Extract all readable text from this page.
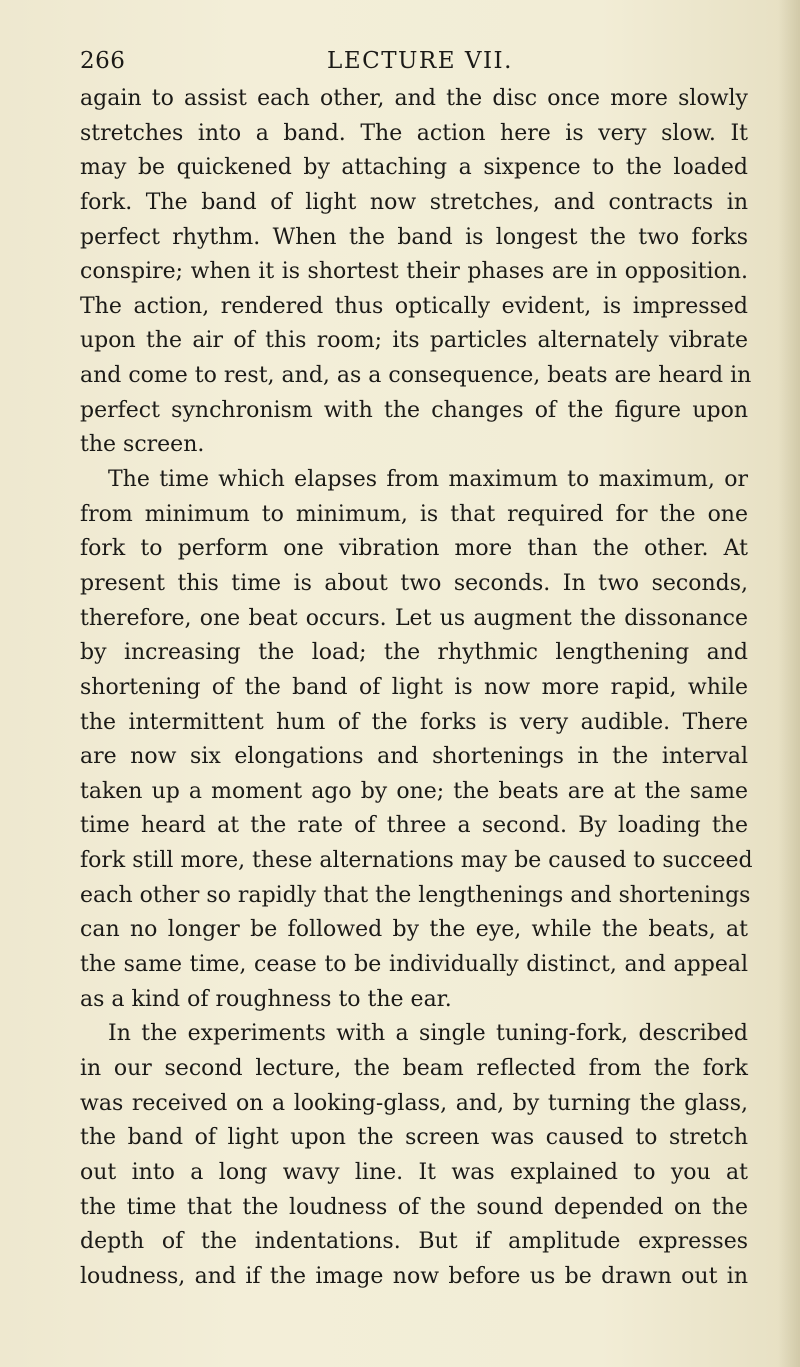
266	LECTURE VII.
again to assist each other, and the disc once more slowly
stretches into a band. The action here is very slow. It
may be quickened by attaching a sixpence to the loaded
fork. The band of light now stretches, and contracts in
perfect rhythm. When the band is longest the two forks
conspire; when it is shortest their phases are in opposition.
The action, rendered thus optically evident, is impressed
upon the air of this room; its particles alternately vibrate
and come to rest, and, as a consequence, beats are heard in
perfect synchronism with the changes of the figure upon
the screen.
The time which elapses from maximum to maximum, or
from minimum to minimum, is that required for the one
fork to perform one vibration more than the other. At
present this time is about two seconds. In two seconds,
therefore, one beat occurs. Let us augment the dissonance
by increasing the load; the rhythmic lengthening and
shortening of the band of light is now more rapid, while
the intermittent hum of the forks is very audible. There
are now six elongations and shortenings in the interval
taken up a moment ago by one; the beats are at the same
time heard at the rate of three a second. By loading the
fork still more, these alternations may be caused to succeed
each other so rapidly that the lengthenings and shortenings
can no longer be followed by the eye, while the beats, at
the same time, cease to be individually distinct, and appeal
as a kind of roughness to the ear.
In the experiments with a single tuning-fork, described
in our second lecture, the beam reflected from the fork
was received on a looking-glass, and, by turning the glass,
the band of light upon the screen was caused to stretch
out into a long wavy line. It was explained to you at
the time that the loudness of the sound depended on the
depth of the indentations. But if amplitude expresses
loudness, and if the image now before us be drawn out in
